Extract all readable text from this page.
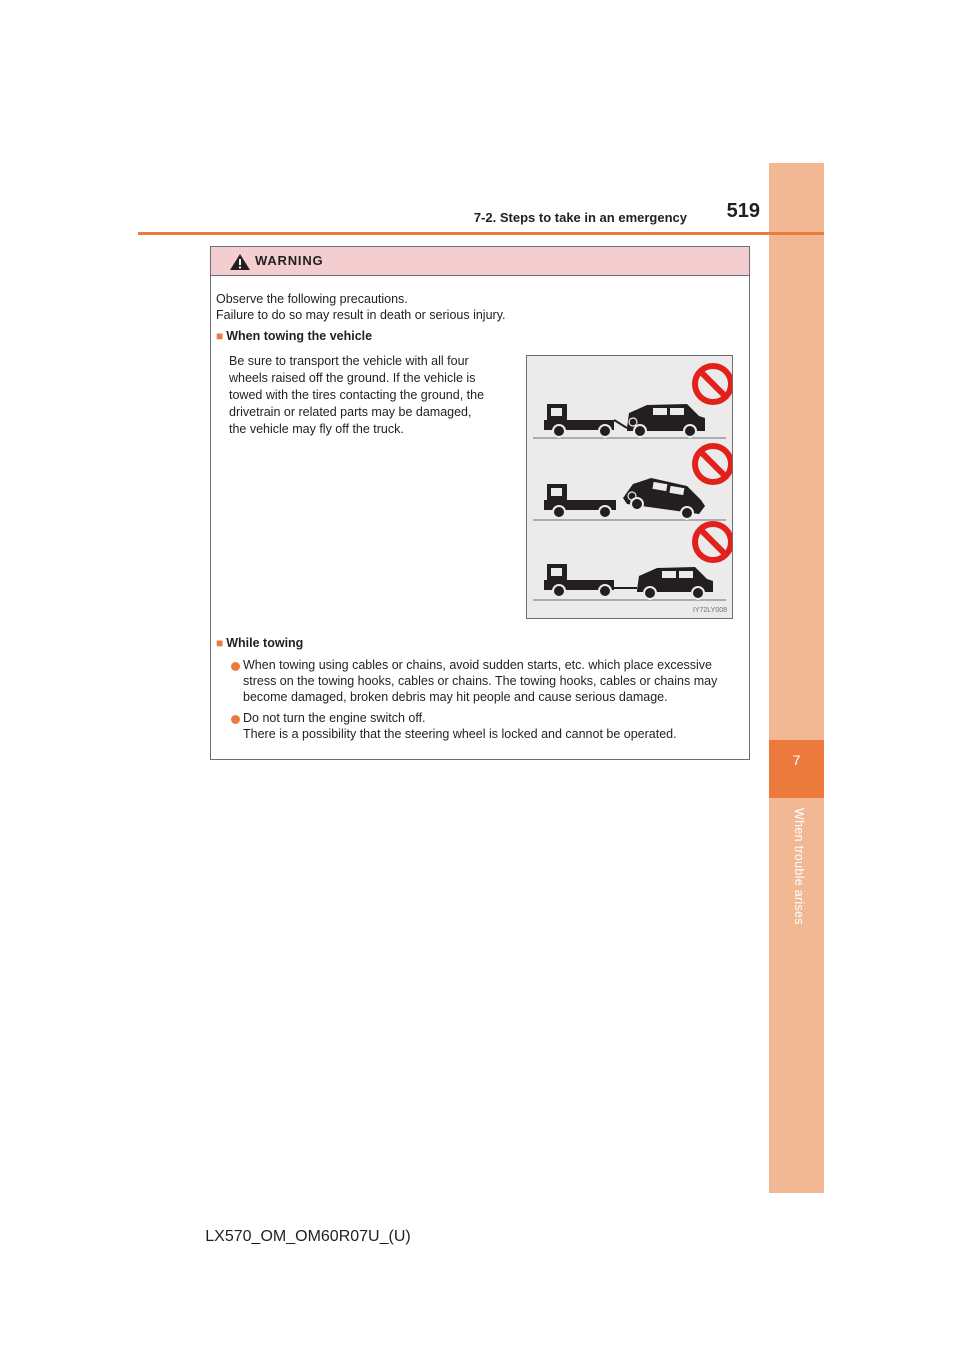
7
When trouble arises
7-2. Steps to take in an emergency	519
WARNING
Observe the following precautions.
Failure to do so may result in death or serious injury.
■ When towing the vehicle
Be sure to transport the vehicle with all four
wheels raised off the ground. If the vehicle is
towed with the tires contacting the ground, the
drivetrain or related parts may be damaged,
the vehicle may fly off the truck.
IY72LY008
■ While towing
When towing using cables or chains, avoid sudden starts, etc. which place excessive
stress on the towing hooks, cables or chains. The towing hooks, cables or chains may
become damaged, broken debris may hit people and cause serious damage.
Do not turn the engine switch off.
There is a possibility that the steering wheel is locked and cannot be operated.
LX570_OM_OM60R07U_(U)
